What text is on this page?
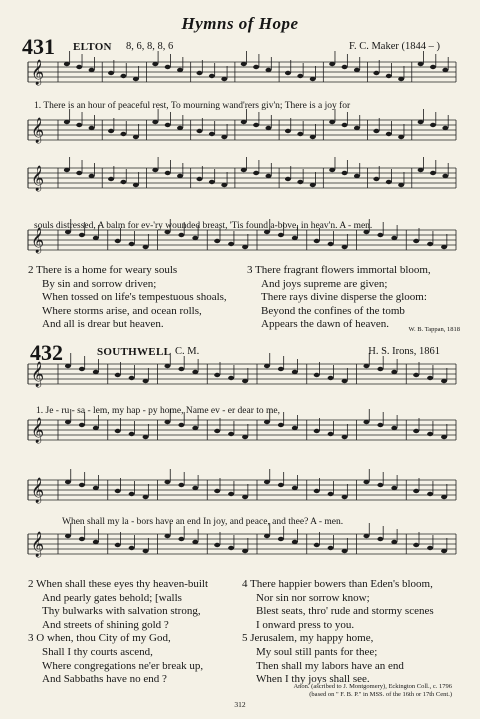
Hymns of Hope
431 ELTON 8, 6, 8, 8, 6	F. C. Maker (1844 – )
𝄞
𝄞
𝄞
𝄞
𝄞
𝄞
𝄞
𝄞
1. There is an hour of peaceful rest, To mourning wand'rers giv'n; There is a joy for
souls distressed, A balm for ev-'ry wounded breast, 'Tis found a-bove, in heav'n. A - men.
2 There is a home for weary souls
By sin and sorrow driven;
When tossed on life's tempestuous shoals,
Where storms arise, and ocean rolls,
And all is drear but heaven.
3 There fragrant flowers immortal bloom,
And joys supreme are given;
There rays divine disperse the gloom:
Beyond the confines of the tomb
Appears the dawn of heaven.	W. B. Tappan, 1818
432	SOUTHWELL C. M.	H. S. Irons, 1861
1. Je - ru - sa - lem, my hap - py home, Name ev - er dear to me,
When shall my la - bors have an end In joy, and peace, and thee? A - men.
2 When shall these eyes thy heaven-built
And pearly gates behold; [walls
Thy bulwarks with salvation strong,
And streets of shining gold ?
3 O when, thou City of my God,
Shall I thy courts ascend,
Where congregations ne'er break up,
And Sabbaths have no end ?
4 There happier bowers than Eden's bloom,
Nor sin nor sorrow know;
Blest seats, thro' rude and stormy scenes
I onward press to you.
5 Jerusalem, my happy home,
My soul still pants for thee;
Then shall my labors have an end
When I thy joys shall see.
Anon. (ascribed to J. Montgomery), Eckington Coll., c. 1796
(based on " F. B. P." in MSS. of the 16th or 17th Cent.)
312
